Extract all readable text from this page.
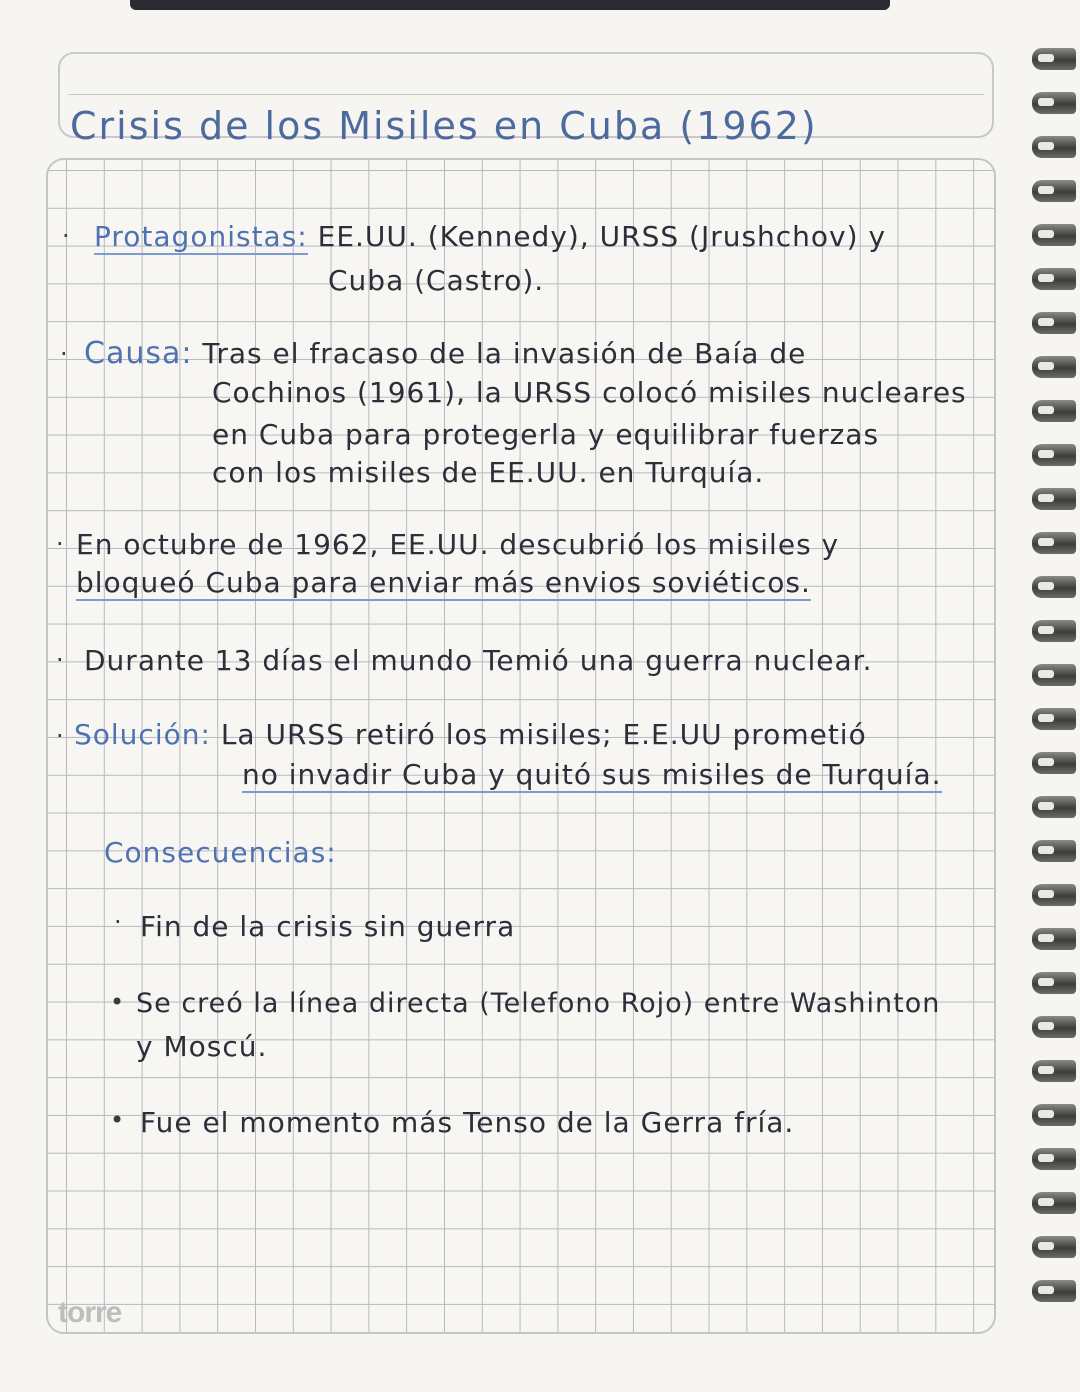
Crisis de los Misiles en Cuba (1962)
· Protagonistas: EE.UU. (Kennedy), URSS (Jrushchov) y
Cuba (Castro).
· Causa: Tras el fracaso de la invasión de Baía de
Cochinos (1961), la URSS colocó misiles nucleares
en Cuba para protegerla y equilibrar fuerzas
con los misiles de EE.UU. en Turquía.
· En octubre de 1962, EE.UU. descubrió los misiles y
bloqueó Cuba para enviar más envios soviéticos.
· Durante 13 días el mundo Temió una guerra nuclear.
· Solución: La URSS retiró los misiles; E.E.UU prometió
no invadir Cuba y quitó sus misiles de Turquía.
Consecuencias:
· Fin de la crisis sin guerra
• Se creó la línea directa (Telefono Rojo) entre Washinton
y Moscú.
• Fue el momento más Tenso de la Gerra fría.
torre
